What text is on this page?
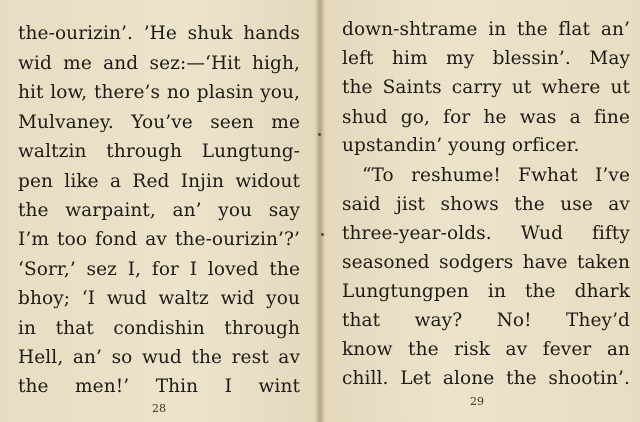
the-ourizin’. ’He shuk hands
wid me and sez:—‘Hit high,
hit low, there’s no plasin you,
Mulvaney. You’ve seen me
waltzin through Lungtung-
pen like a Red Injin widout
the warpaint, an’ you say
I’m too fond av the-ourizin’?’
‘Sorr,’ sez I, for I loved the
bhoy; ‘I wud waltz wid you
in that condishin through
Hell, an’ so wud the rest av
the men!’ Thin I wint
28
down-shtrame in the flat an’
left him my blessin’. May
the Saints carry ut where ut
shud go, for he was a fine
upstandin’ young orficer.
“To reshume! Fwhat I’ve
said jist shows the use av
three-year-olds. Wud fifty
seasoned sodgers have taken
Lungtungpen in the dhark
that way? No! They’d
know the risk av fever an
chill. Let alone the shootin’.
29
